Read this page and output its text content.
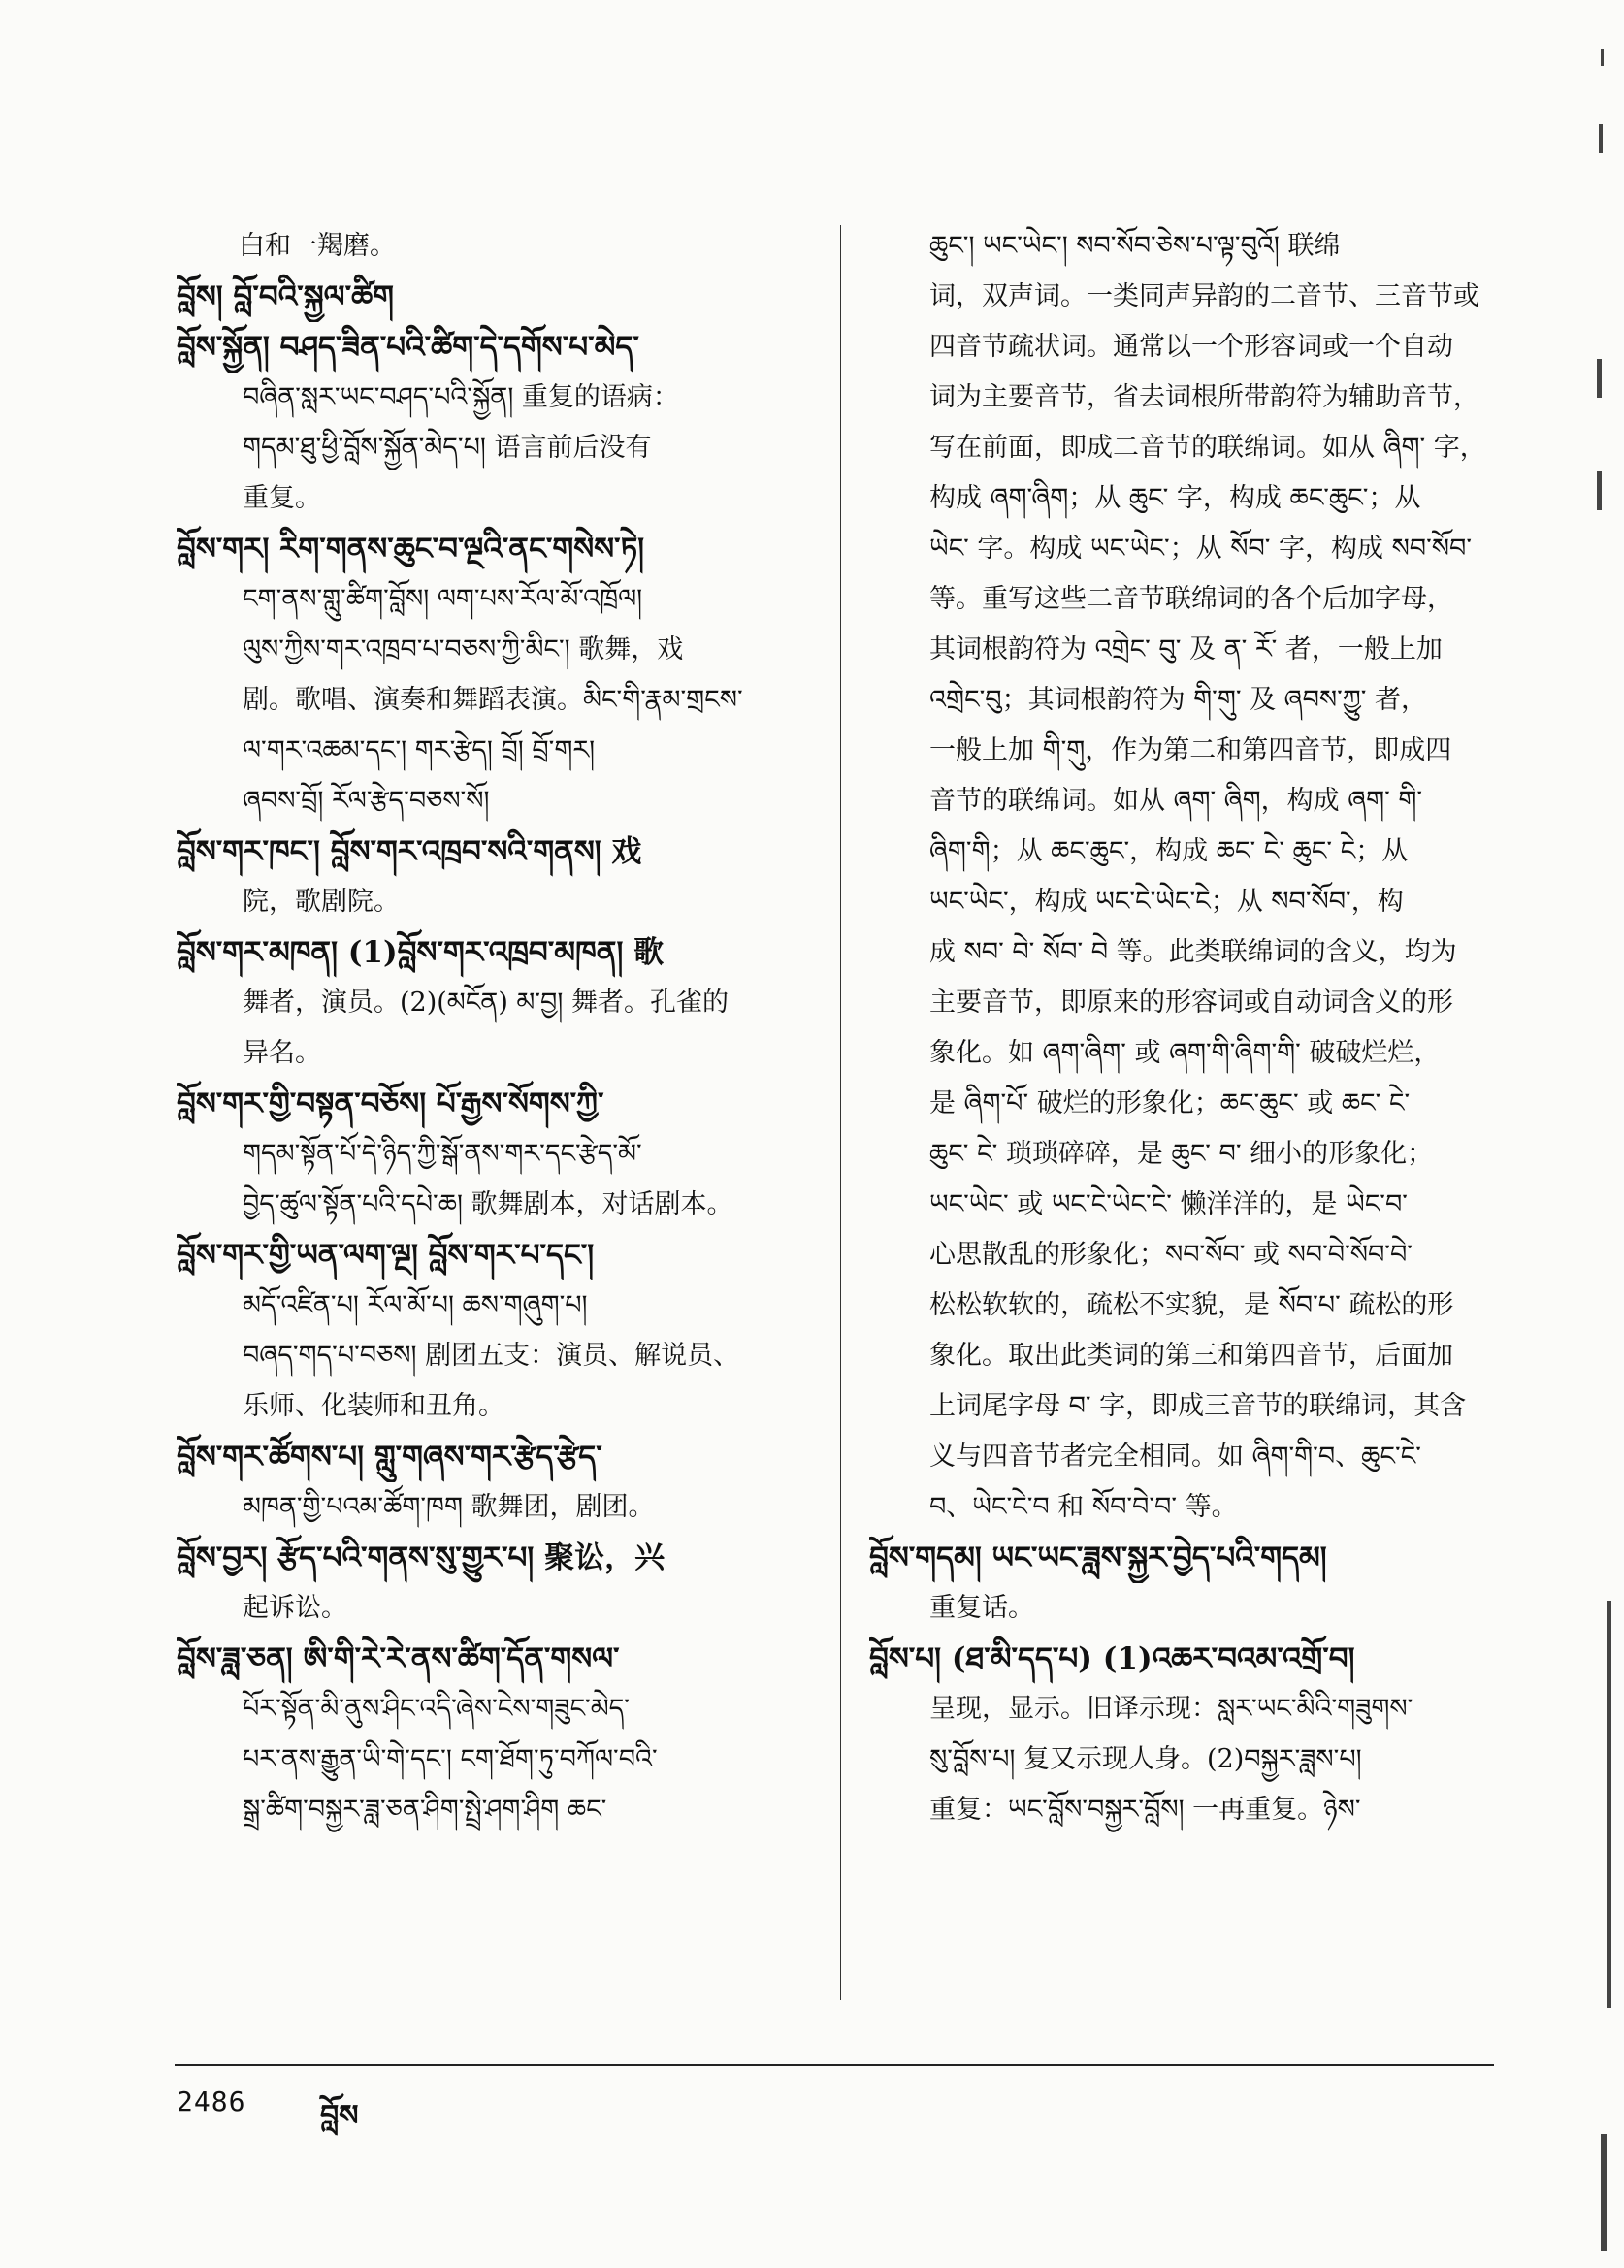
白和一羯磨。
བློས། བློ་བའི་སྐྱལ་ཚིག
བློས་སྐྱོན། བཤད་ཟིན་པའི་ཚིག་དེ་དགོས་པ་མེད་
བཞིན་སླར་ཡང་བཤད་པའི་སྐྱོན། 重复的语病：
གདམ་ཐུ་ཕྱི་བློས་སྐྱོན་མེད་པ། 语言前后没有
重复。
བློས་གར། རིག་གནས་ཆུང་བ་ལྔའི་ནང་གསེས་ཏེ།
ངག་ནས་གླུ་ཚིག་བློས། ལག་པས་རོལ་མོ་འཁྲོལ།
ལུས་ཀྱིས་གར་འཁྲབ་པ་བཅས་ཀྱི་མིང་། 歌舞，戏
剧。歌唱、演奏和舞蹈表演。མིང་གི་རྣམ་གྲངས་
ལ་གར་འཆམ་དང་། གར་རྩེད། བྲོ། བྲོ་གར།
ཞབས་བྲོ། རོལ་རྩེད་བཅས་སོ།
བློས་གར་ཁང་། བློས་གར་འཁྲབ་སའི་གནས། 戏
院，歌剧院。
བློས་གར་མཁན། (1)བློས་གར་འཁྲབ་མཁན། 歌
舞者，演员。(2)(མངོན) མ་བྱ། 舞者。孔雀的
异名。
བློས་གར་གྱི་བསྟན་བཅོས། པོ་རྒྱས་སོགས་ཀྱི་
གདམ་སྟོན་པོ་དེ་ཉིད་ཀྱི་སྒོ་ནས་གར་དང་རྩེད་མོ་
བྱེད་ཚུལ་སྟོན་པའི་དཔེ་ཆ། 歌舞剧本，对话剧本。
བློས་གར་གྱི་ཡན་ལག་ལྔ། བློས་གར་པ་དང་།
མདོ་འཛིན་པ། རོལ་མོ་པ། ཆས་གཞུག་པ།
བཞད་གད་པ་བཅས། 剧团五支：演员、解说员、
乐师、化装师和丑角。
བློས་གར་ཚོགས་པ། གླུ་གཞས་གར་རྩེད་རྩེད་
མཁན་གྱི་པའམ་ཚོག་ཁག 歌舞团，剧团。
བློས་བྱར། རྩོད་པའི་གནས་སུ་གྱུར་པ། 聚讼，兴
起诉讼。
བློས་ཟླ་ཅན། ཨི་གི་རེ་རེ་ནས་ཚིག་དོན་གསལ་
པོར་སྟོན་མི་ནུས་ཤིང་འདི་ཞེས་ངེས་གཟུང་མེད་
པར་ནས་རྒྱུན་ཡི་གེ་དང་། ངག་ཐོག་ཏུ་བཀོལ་བའི་
སྒྲ་ཚིག་བསྐྱར་ཟླ་ཅན་ཤིག་སྤྲེ་ཤག་ཤིག ཆང་
ཆུང་། ཡང་ཡེང་། སབ་སོབ་ཅེས་པ་ལྟ་བུའོ། 联绵
词，双声词。一类同声异韵的二音节、三音节或
四音节疏状词。通常以一个形容词或一个自动
词为主要音节，省去词根所带韵符为辅助音节，
写在前面，即成二音节的联绵词。如从 ཞིག་ 字，
构成 ཞག་ཞིག；从 ཆུང་ 字，构成 ཆང་ཆུང་；从
ཡེང་ 字。构成 ཡང་ཡེང་；从 སོབ་ 字，构成 སབ་སོབ་
等。重写这些二音节联绵词的各个后加字母，
其词根韵符为 འགྲེང་ བུ་ 及 ན་ རོ་ 者，一般上加
འགྲེང་བུ；其词根韵符为 གི་གུ་ 及 ཞབས་ཀྱུ་ 者，
一般上加 གི་གུ，作为第二和第四音节，即成四
音节的联绵词。如从 ཞག་ ཞིག，构成 ཞག་ གི་
ཞིག་གི；从 ཆང་ཆུང་，构成 ཆང་ ངེ་ ཆུང་ ངེ；从
ཡང་ཡེང་，构成 ཡང་ངེ་ཡེང་ངེ；从 སབ་སོབ་，构
成 སབ་ བེ་ སོབ་ བེ 等。此类联绵词的含义，均为
主要音节，即原来的形容词或自动词含义的形
象化。如 ཞག་ཞིག་ 或 ཞག་གི་ཞིག་གི་ 破破烂烂，
是 ཞིག་པོ་ 破烂的形象化；ཆང་ཆུང་ 或 ཆང་ ངེ་
ཆུང་ ངེ་ 琐琐碎碎，是 ཆུང་ བ་ 细小的形象化；
ཡང་ཡེང་ 或 ཡང་ངེ་ཡེང་ངེ་ 懒洋洋的，是 ཡེང་བ་
心思散乱的形象化；སབ་སོབ་ 或 སབ་བེ་སོབ་བེ་
松松软软的，疏松不实貌，是 སོབ་པ་ 疏松的形
象化。取出此类词的第三和第四音节，后面加
上词尾字母 བ་ 字，即成三音节的联绵词，其含
义与四音节者完全相同。如 ཞིག་གི་བ、ཆུང་ངེ་
བ、ཡེང་ངེ་བ 和 སོབ་བེ་བ་ 等。
བློས་གདམ། ཡང་ཡང་ཟླས་སྐྱར་བྱེད་པའི་གདམ།
重复话。
བློས་པ། (ཐ་མི་དད་པ) (1)འཆར་བའམ་འགྲོ་བ།
呈现，显示。旧译示现：སླར་ཡང་མིའི་གཟུགས་
སུ་བློས་པ། 复又示现人身。(2)བསྐྱར་ཟླས་པ།
重复：ཡང་བློས་བསྐྱར་བློས། 一再重复。ཉེས་
2486	བློས
